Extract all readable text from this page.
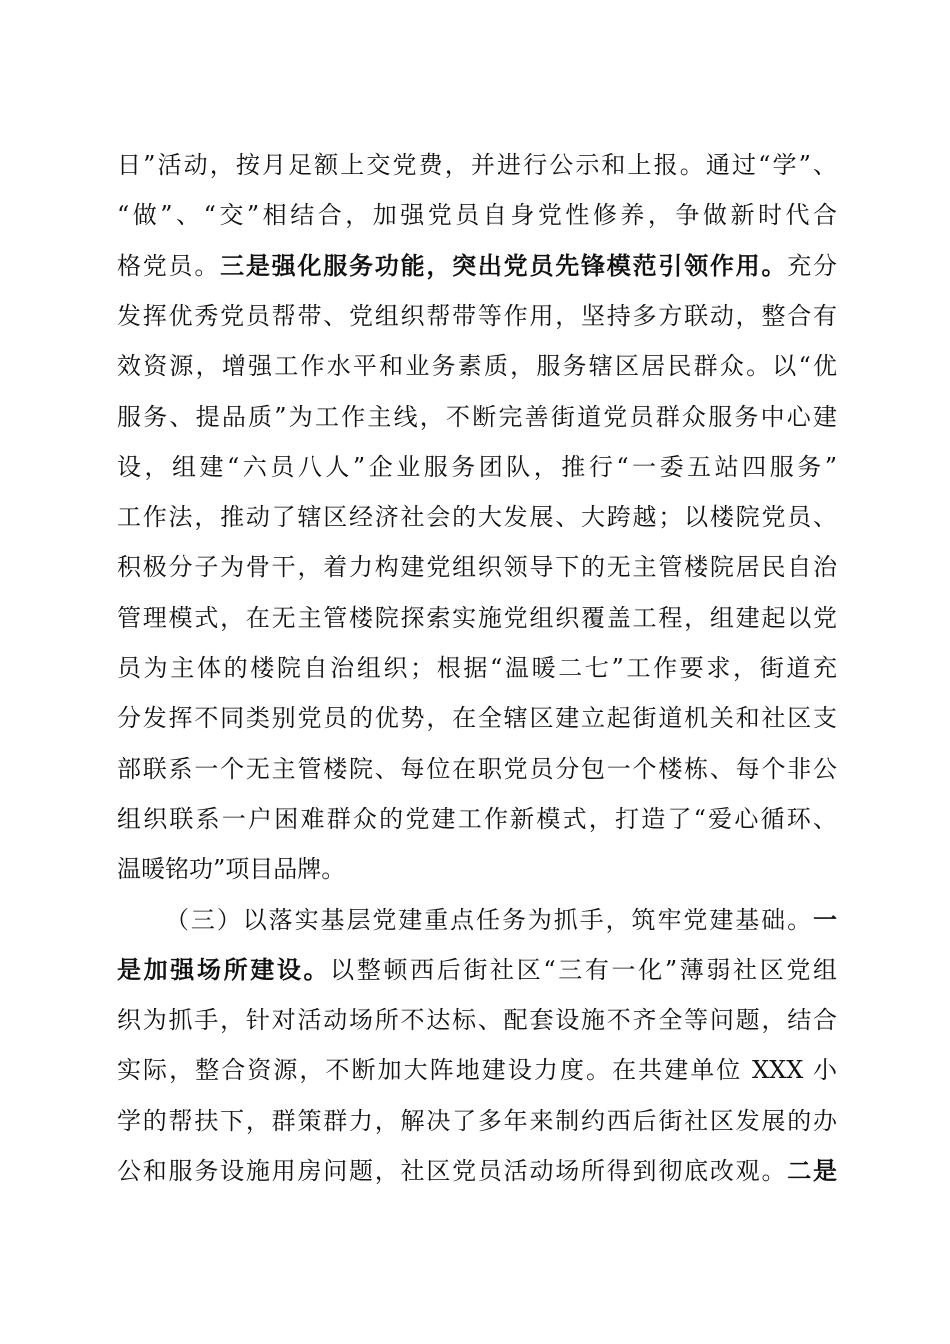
日”活动，按月足额上交党费，并进行公示和上报。通过“学”、
“做”、“交”相结合，加强党员自身党性修养，争做新时代合
格党员。三是强化服务功能，突出党员先锋模范引领作用。充分
发挥优秀党员帮带、党组织帮带等作用，坚持多方联动，整合有
效资源，增强工作水平和业务素质，服务辖区居民群众。以“优
服务、提品质”为工作主线，不断完善街道党员群众服务中心建
设，组建“六员八人”企业服务团队，推行“一委五站四服务”
工作法，推动了辖区经济社会的大发展、大跨越；以楼院党员、
积极分子为骨干，着力构建党组织领导下的无主管楼院居民自治
管理模式，在无主管楼院探索实施党组织覆盖工程，组建起以党
员为主体的楼院自治组织；根据“温暖二七”工作要求，街道充
分发挥不同类别党员的优势，在全辖区建立起街道机关和社区支
部联系一个无主管楼院、每位在职党员分包一个楼栋、每个非公
组织联系一户困难群众的党建工作新模式，打造了“爱心循环、
温暖铭功”项目品牌。
（三）以落实基层党建重点任务为抓手，筑牢党建基础。一
是加强场所建设。以整顿西后街社区“三有一化”薄弱社区党组
织为抓手，针对活动场所不达标、配套设施不齐全等问题，结合
实际，整合资源，不断加大阵地建设力度。在共建单位 XXX 小
学的帮扶下，群策群力，解决了多年来制约西后街社区发展的办
公和服务设施用房问题，社区党员活动场所得到彻底改观。二是
